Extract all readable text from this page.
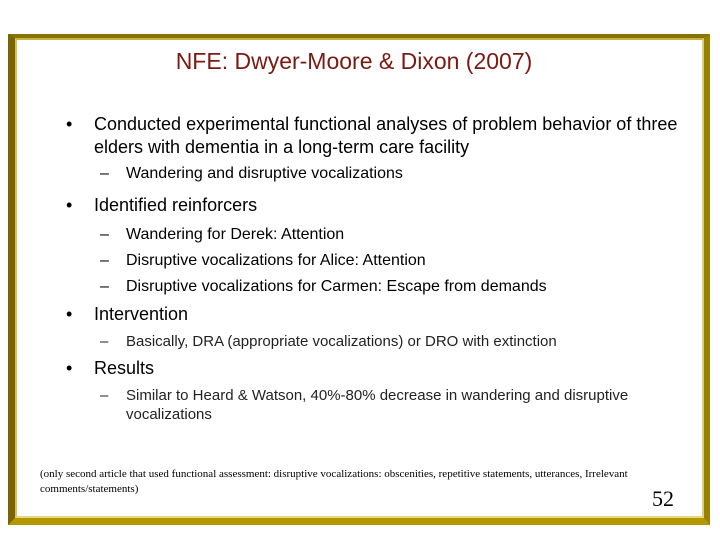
NFE: Dwyer-Moore & Dixon (2007)
• Conducted experimental functional analyses of problem behavior of three elders with dementia in a long-term care facility
– Wandering and disruptive vocalizations
• Identified reinforcers
– Wandering for Derek: Attention
– Disruptive vocalizations for Alice: Attention
– Disruptive vocalizations for Carmen: Escape from demands
• Intervention
– Basically, DRA (appropriate vocalizations) or DRO with extinction
• Results
– Similar to Heard & Watson, 40%-80% decrease in wandering and disruptive vocalizations
(only second article that used functional assessment: disruptive vocalizations: obscenities, repetitive statements, utterances, Irrelevant comments/statements)	52
